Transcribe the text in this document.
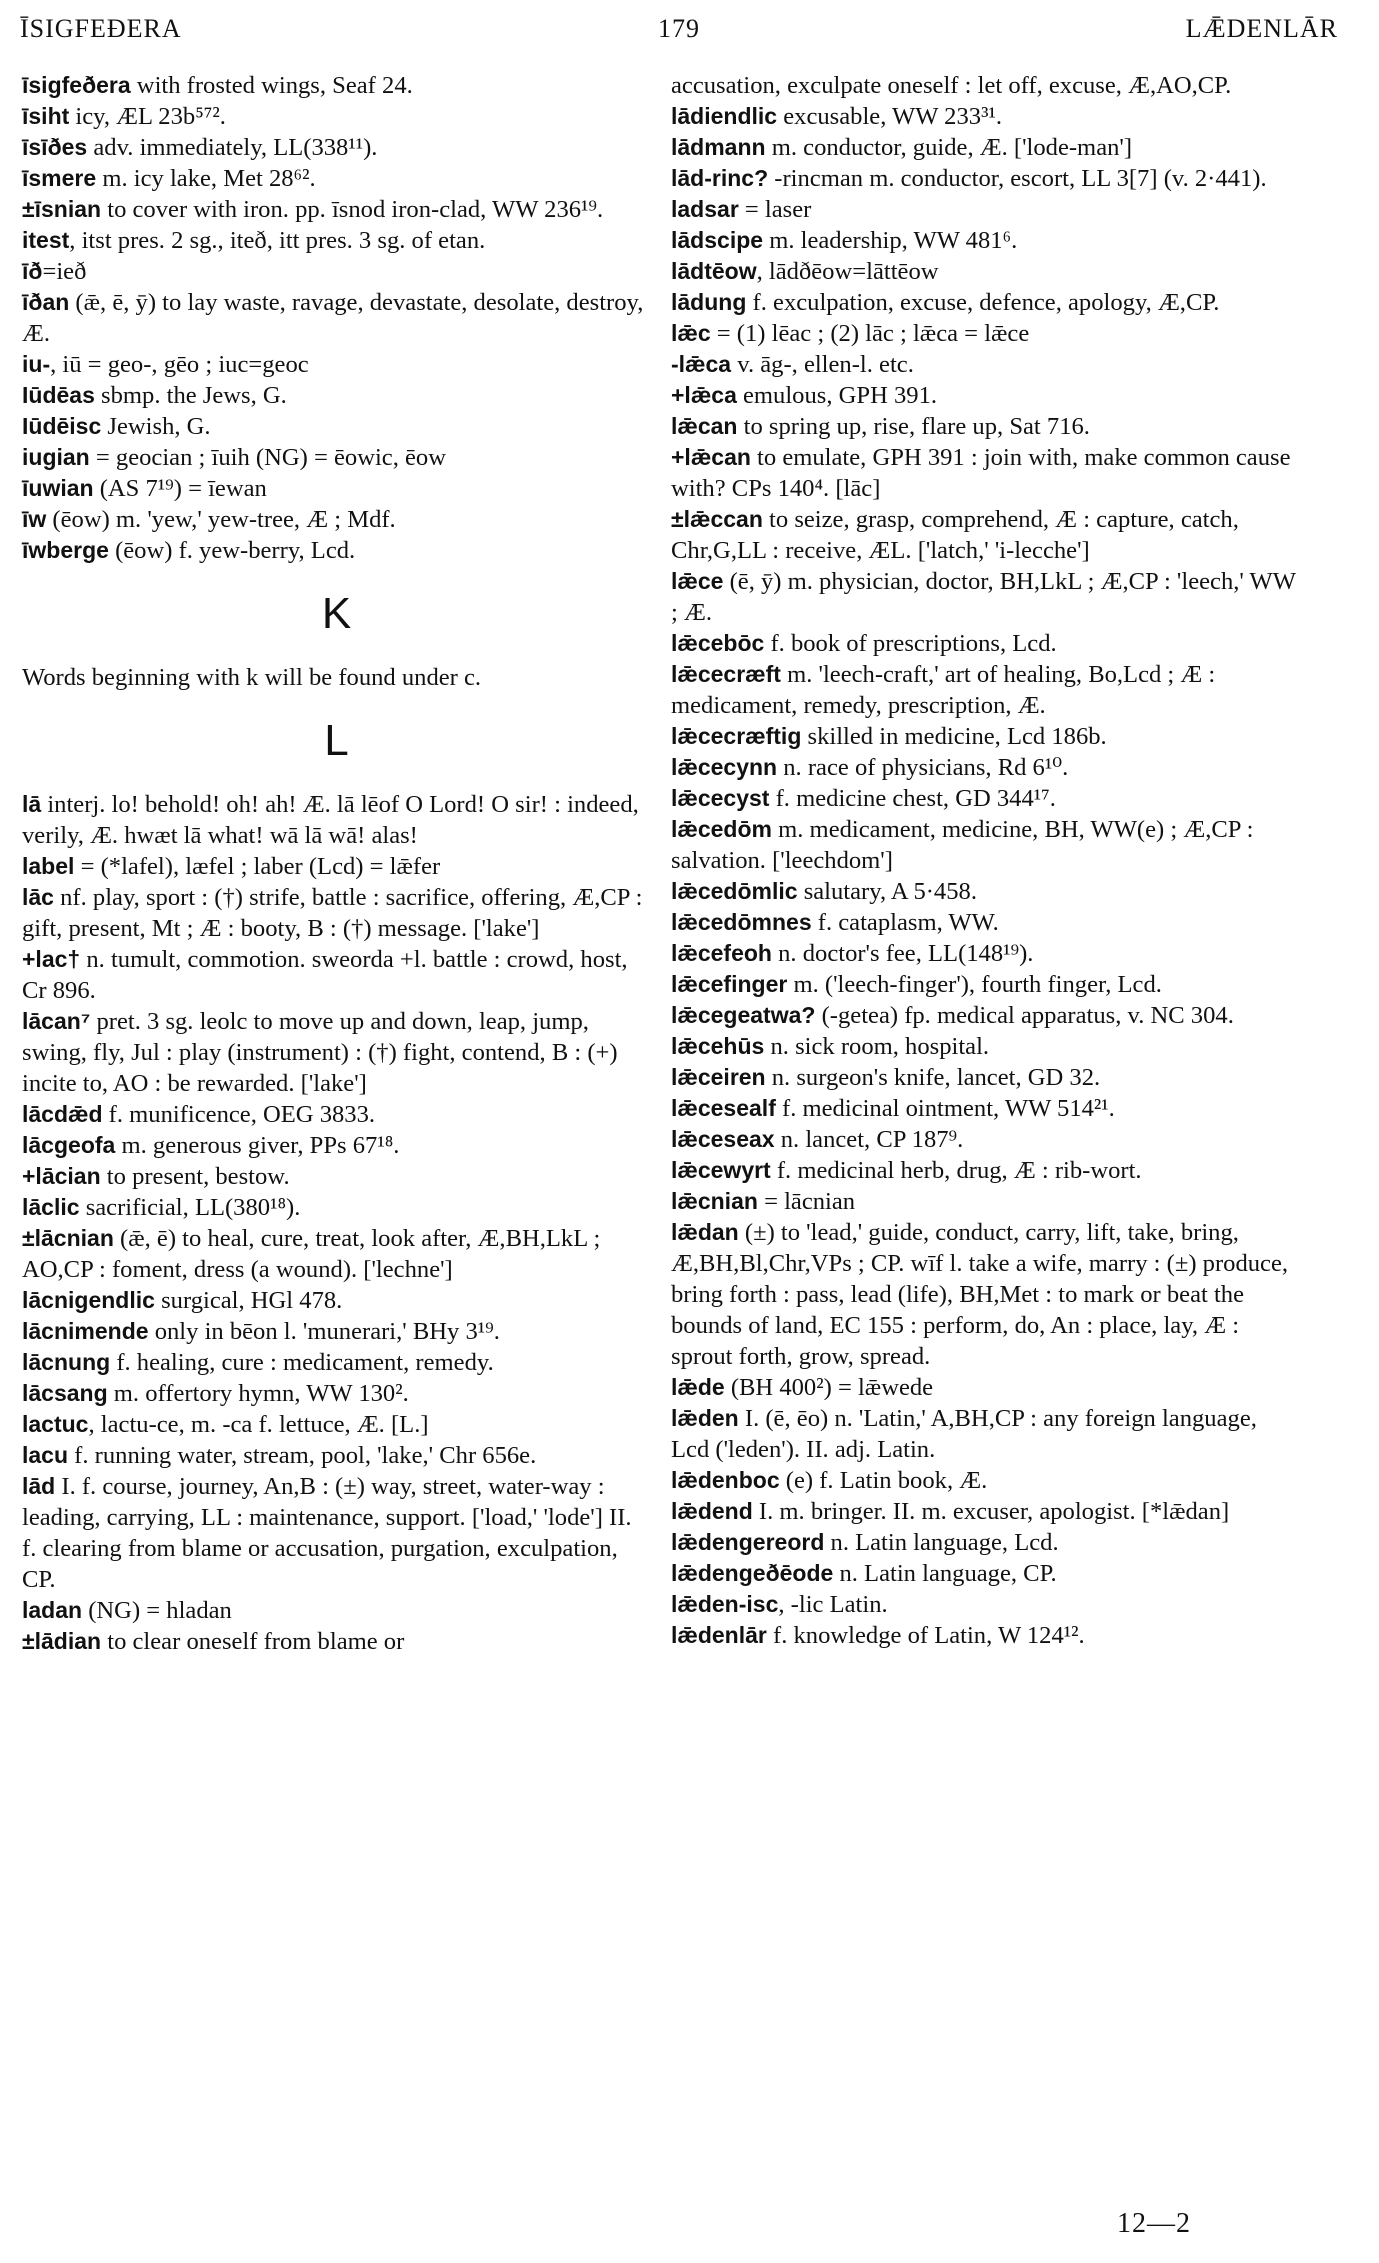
ĪSIGFEÐERA	179	LǢDENLĀR

īsigfeðera with frosted wings, Seaf 24.

īsiht icy, ÆL 23b⁵⁷².

īsīðes adv. immediately, LL(338¹¹).

īsmere m. icy lake, Met 28⁶².

±īsnian to cover with iron. pp. īsnod iron-clad, WW 236¹⁹.

itest, itst pres. 2 sg., iteð, itt pres. 3 sg. of etan.

īð=ieð

īðan (ǣ, ē, ȳ) to lay waste, ravage, devastate, desolate, destroy, Æ.

iu-, iū = geo-, gēo ; iuc=geoc

Iūdēas sbmp. the Jews, G.

Iūdēisc Jewish, G.

iugian = geocian ; īuih (NG) = ēowic, ēow

īuwian (AS 7¹⁹) = īewan

īw (ēow) m. 'yew,' yew-tree, Æ ; Mdf.

īwberge (ēow) f. yew-berry, Lcd.

K

Words beginning with k will be found under c.

L

lā interj. lo! behold! oh! ah! Æ. lā lēof O Lord! O sir! : indeed, verily, Æ. hwæt lā what! wā lā wā! alas!

label = (*lafel), læfel ; laber (Lcd) = lǣfer

lāc nf. play, sport : (†) strife, battle : sacrifice, offering, Æ,CP : gift, present, Mt ; Æ : booty, B : (†) message. ['lake']

+lac† n. tumult, commotion. sweorda +l. battle : crowd, host, Cr 896.

lācan⁷ pret. 3 sg. leolc to move up and down, leap, jump, swing, fly, Jul : play (instrument) : (†) fight, contend, B : (+) incite to, AO : be rewarded. ['lake']

lācdǣd f. munificence, OEG 3833.

lācgeofa m. generous giver, PPs 67¹⁸.

+lācian to present, bestow.

lāclic sacrificial, LL(380¹⁸).

±lācnian (ǣ, ē) to heal, cure, treat, look after, Æ,BH,LkL ; AO,CP : foment, dress (a wound). ['lechne']

lācnigendlic surgical, HGl 478.

lācnimende only in bēon l. 'munerari,' BHy 3¹⁹.

lācnung f. healing, cure : medicament, remedy.

lācsang m. offertory hymn, WW 130².

lactuc, lactu-ce, m. -ca f. lettuce, Æ. [L.]

lacu f. running water, stream, pool, 'lake,' Chr 656e.

lād I. f. course, journey, An,B : (±) way, street, water-way : leading, carrying, LL : maintenance, support. ['load,' 'lode'] II. f. clearing from blame or accusation, purgation, exculpation, CP.

ladan (NG) = hladan

±lādian to clear oneself from blame or

accusation, exculpate oneself : let off, excuse, Æ,AO,CP.

lādiendlic excusable, WW 233³¹.

lādmann m. conductor, guide, Æ. ['lode-man']

lād-rinc? -rincman m. conductor, escort, LL 3[7] (v. 2·441).

ladsar = laser

lādscipe m. leadership, WW 481⁶.

lādtēow, lādðēow=lāttēow

lādung f. exculpation, excuse, defence, apology, Æ,CP.

lǣc = (1) lēac ; (2) lāc ; lǣca = lǣce

-lǣca v. āg-, ellen-l. etc.

+lǣca emulous, GPH 391.

lǣcan to spring up, rise, flare up, Sat 716.

+lǣcan to emulate, GPH 391 : join with, make common cause with? CPs 140⁴. [lāc]

±lǣccan to seize, grasp, comprehend, Æ : capture, catch, Chr,G,LL : receive, ÆL. ['latch,' 'i-lecche']

lǣce (ē, ȳ) m. physician, doctor, BH,LkL ; Æ,CP : 'leech,' WW ; Æ.

lǣcebōc f. book of prescriptions, Lcd.

lǣcecræft m. 'leech-craft,' art of healing, Bo,Lcd ; Æ : medicament, remedy, prescription, Æ.

lǣcecræftig skilled in medicine, Lcd 186b.

lǣcecynn n. race of physicians, Rd 6¹⁰.

lǣcecyst f. medicine chest, GD 344¹⁷.

lǣcedōm m. medicament, medicine, BH, WW(e) ; Æ,CP : salvation. ['leechdom']

lǣcedōmlic salutary, A 5·458.

lǣcedōmnes f. cataplasm, WW.

lǣcefeoh n. doctor's fee, LL(148¹⁹).

lǣcefinger m. ('leech-finger'), fourth finger, Lcd.

lǣcegeatwa? (-getea) fp. medical apparatus, v. NC 304.

lǣcehūs n. sick room, hospital.

lǣceiren n. surgeon's knife, lancet, GD 32.

lǣcesealf f. medicinal ointment, WW 514²¹.

lǣceseax n. lancet, CP 187⁹.

lǣcewyrt f. medicinal herb, drug, Æ : rib-wort.

lǣcnian = lācnian

lǣdan (±) to 'lead,' guide, conduct, carry, lift, take, bring, Æ,BH,Bl,Chr,VPs ; CP. wīf l. take a wife, marry : (±) produce, bring forth : pass, lead (life), BH,Met : to mark or beat the bounds of land, EC 155 : perform, do, An : place, lay, Æ : sprout forth, grow, spread.

lǣde (BH 400²) = lǣwede

lǣden I. (ē, ēo) n. 'Latin,' A,BH,CP : any foreign language, Lcd ('leden'). II. adj. Latin.

lǣdenboc (e) f. Latin book, Æ.

lǣdend I. m. bringer. II. m. excuser, apologist. [*lǣdan]

lǣdengereord n. Latin language, Lcd.

lǣdengeðēode n. Latin language, CP.

lǣden-isc, -lic Latin.

lǣdenlār f. knowledge of Latin, W 124¹².

12—2
